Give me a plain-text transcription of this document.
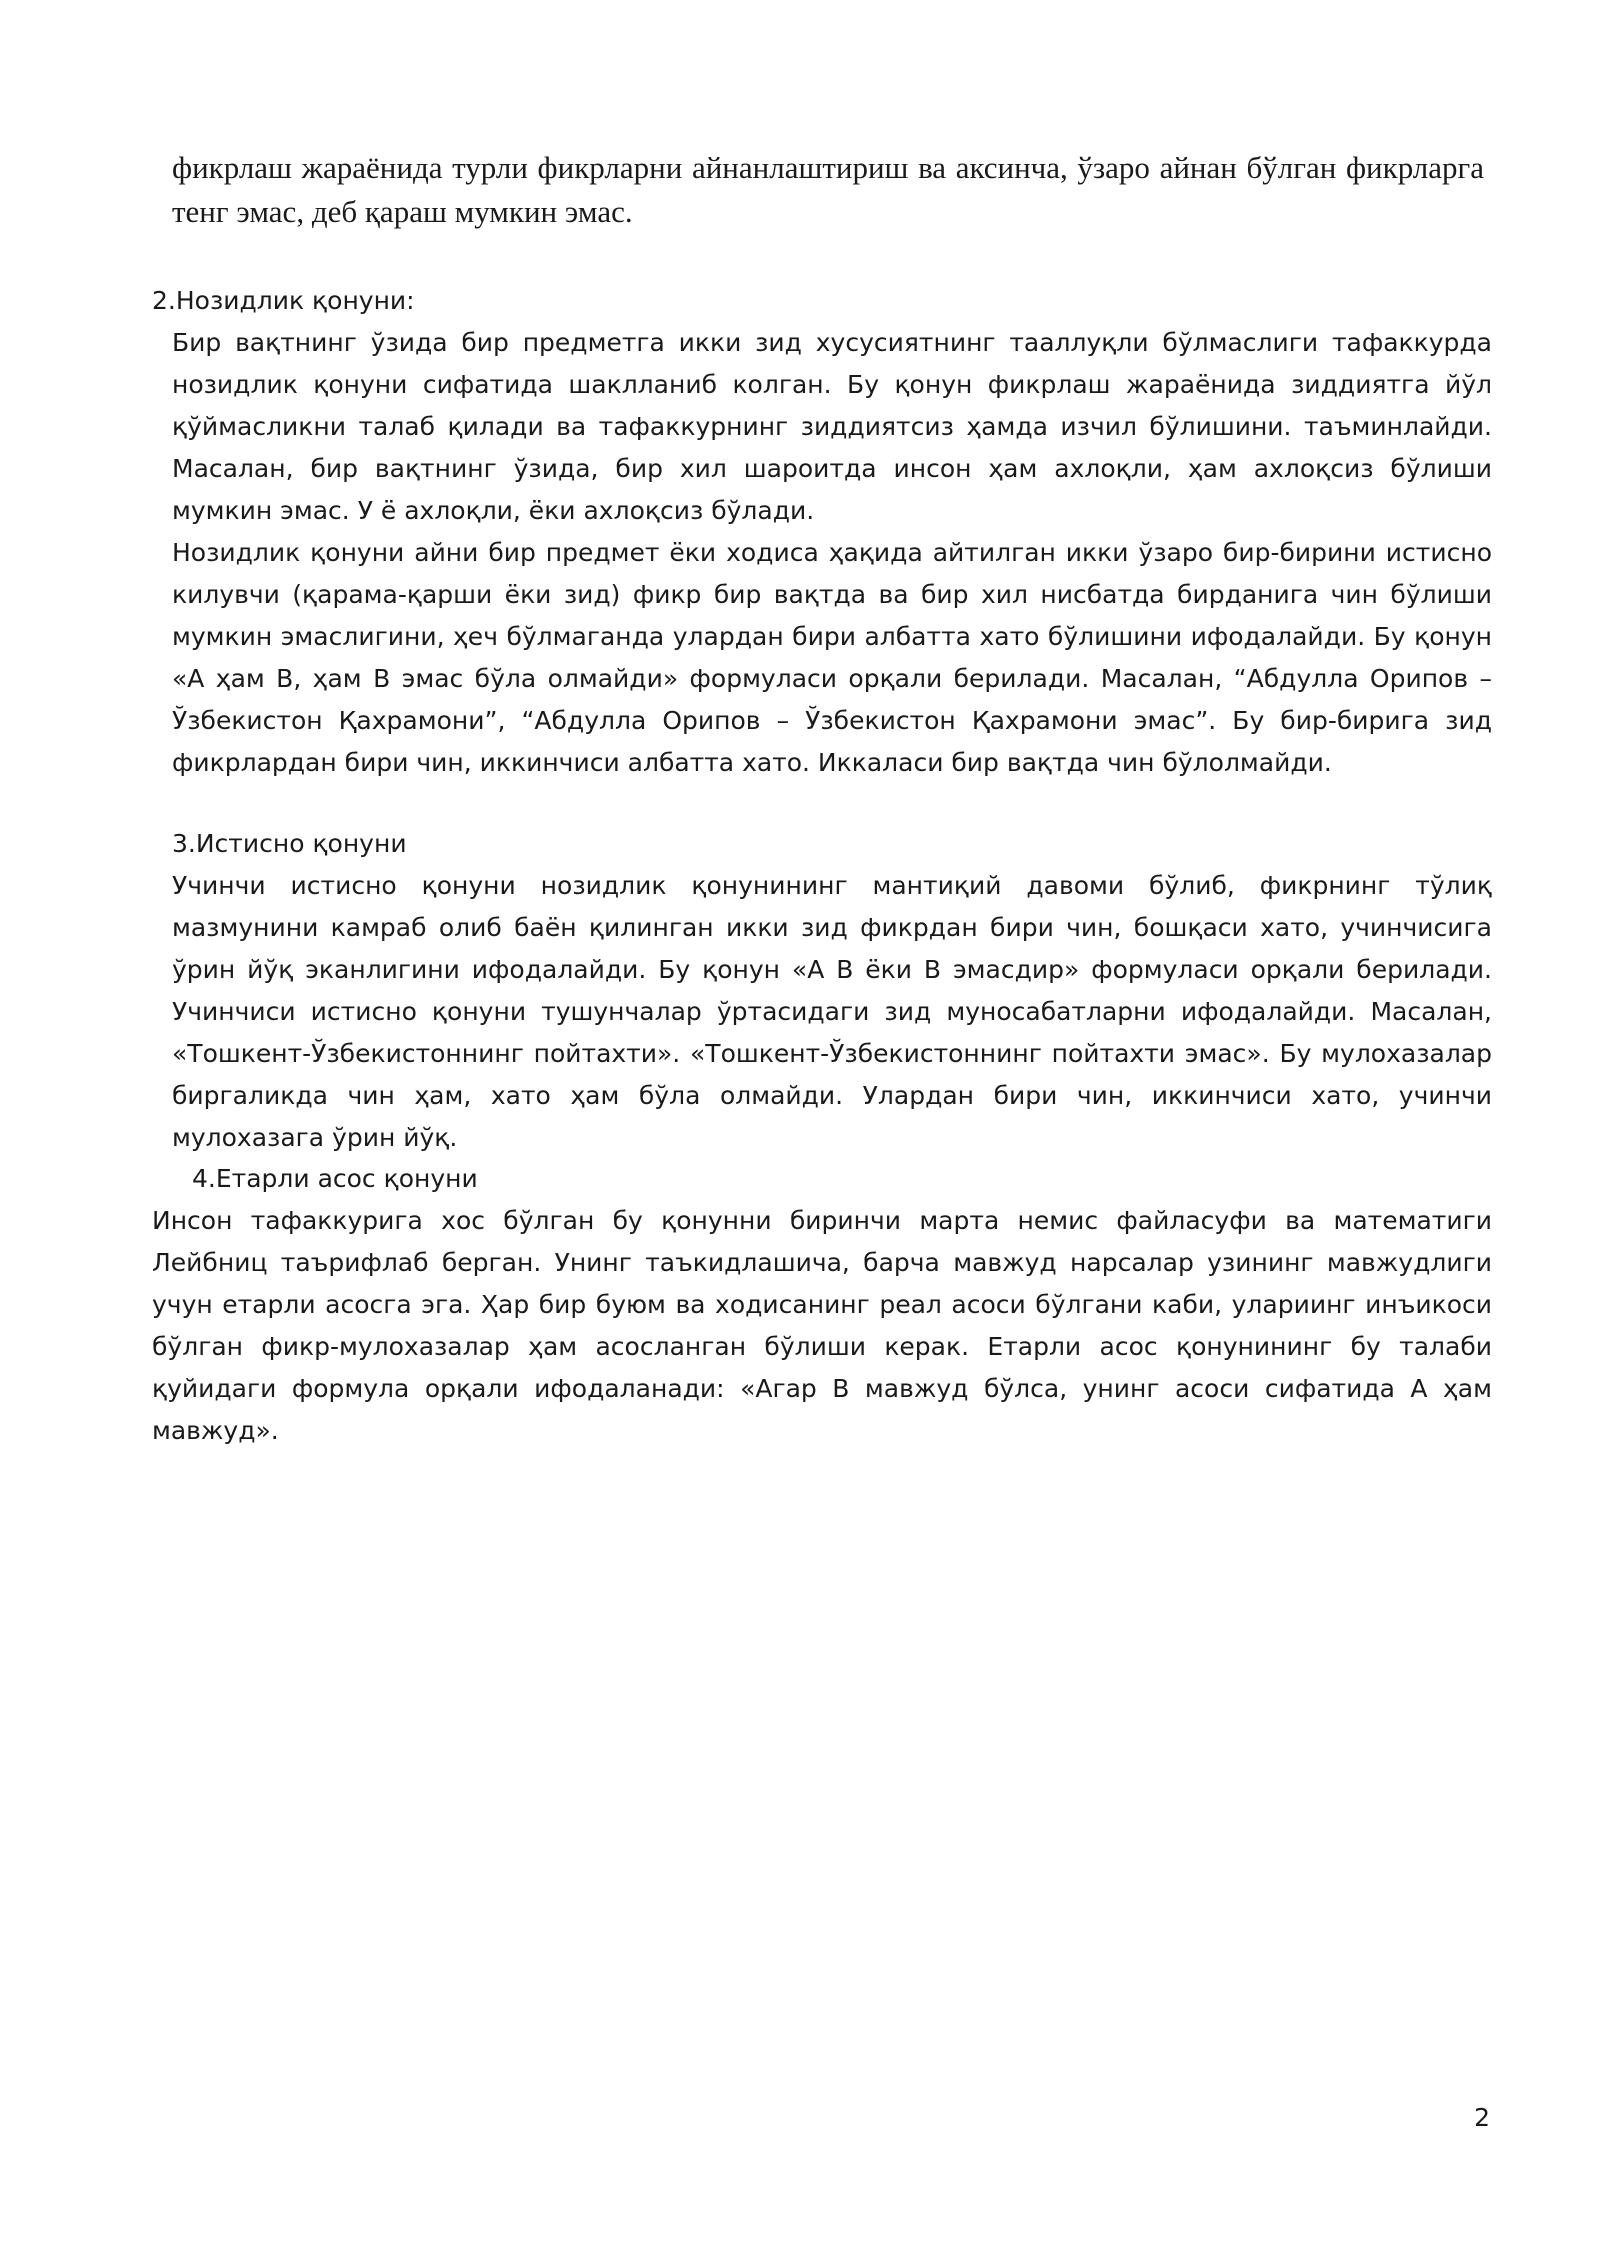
фикрлаш жараёнида турли фикрларни айнанлаштириш ва аксинча, ўзаро айнан бўлган фикрларга тенг эмас, деб қараш мумкин эмас.

2.Нозидлик қонуни:

Бир вақтнинг ўзида бир предметга икки зид хусусиятнинг тааллуқли бўлмаслиги тафаккурда нозидлик қонуни сифатида шаклланиб колган. Бу қонун фикрлаш жараёнида зиддиятга йўл қўймасликни талаб қилади ва тафаккурнинг зиддиятсиз ҳамда изчил бўлишини. таъминлайди. Масалан, бир вақтнинг ўзида, бир хил шароитда инсон ҳам ахлоқли, ҳам ахлоқсиз бўлиши мумкин эмас. У ё ахлоқли, ёки ахлоқсиз бўлади.

Нозидлик қонуни айни бир предмет ёки ходиса ҳақида айтилган икки ўзаро бир-бирини истисно килувчи (қарама-қарши ёки зид) фикр бир вақтда ва бир хил нисбатда бирданига чин бўлиши мумкин эмаслигини, ҳеч бўлмаганда улардан бири албатта хато бўлишини ифодалайди. Бу қонун «А ҳам В, ҳам В эмас бўла олмайди» формуласи орқали берилади. Масалан, “Абдулла Орипов – Ўзбекистон Қахрамони”, “Абдулла Орипов – Ўзбекистон Қахрамони эмас”. Бу бир-бирига зид фикрлардан бири чин, иккинчиси албатта хато. Иккаласи бир вақтда чин бўлолмайди.

3.Истисно қонуни

Учинчи истисно қонуни нозидлик қонунининг мантиқий давоми бўлиб, фикрнинг тўлиқ мазмунини камраб олиб баён қилинган икки зид фикрдан бири чин, бошқаси хато, учинчисига ўрин йўқ эканлигини ифодалайди. Бу қонун «А В ёки В эмасдир» формуласи орқали берилади. Учинчиси истисно қонуни тушунчалар ўртасидаги зид муносабатларни ифодалайди. Масалан, «Тошкент-Ўзбекистоннинг пойтахти». «Тошкент-Ўзбекистоннинг пойтахти эмас». Бу мулохазалар биргаликда чин ҳам, хато ҳам бўла олмайди. Улардан бири чин, иккинчиси хато, учинчи мулохазага ўрин йўқ.

4.Етарли асос қонуни

Инсон тафаккурига хос бўлган бу қонунни биринчи марта немис файласуфи ва математиги Лейбниц таърифлаб берган. Унинг таъкидлашича, барча мавжуд нарсалар узининг мавжудлиги учун етарли асосга эга. Ҳар бир буюм ва ходисанинг реал асоси бўлгани каби, улариинг инъикоси бўлган фикр-мулохазалар ҳам асосланган бўлиши керак. Етарли асос қонунининг бу талаби қуйидаги формула орқали ифодаланади: «Агар В мавжуд бўлса, унинг асоси сифатида А ҳам мавжуд».

2
